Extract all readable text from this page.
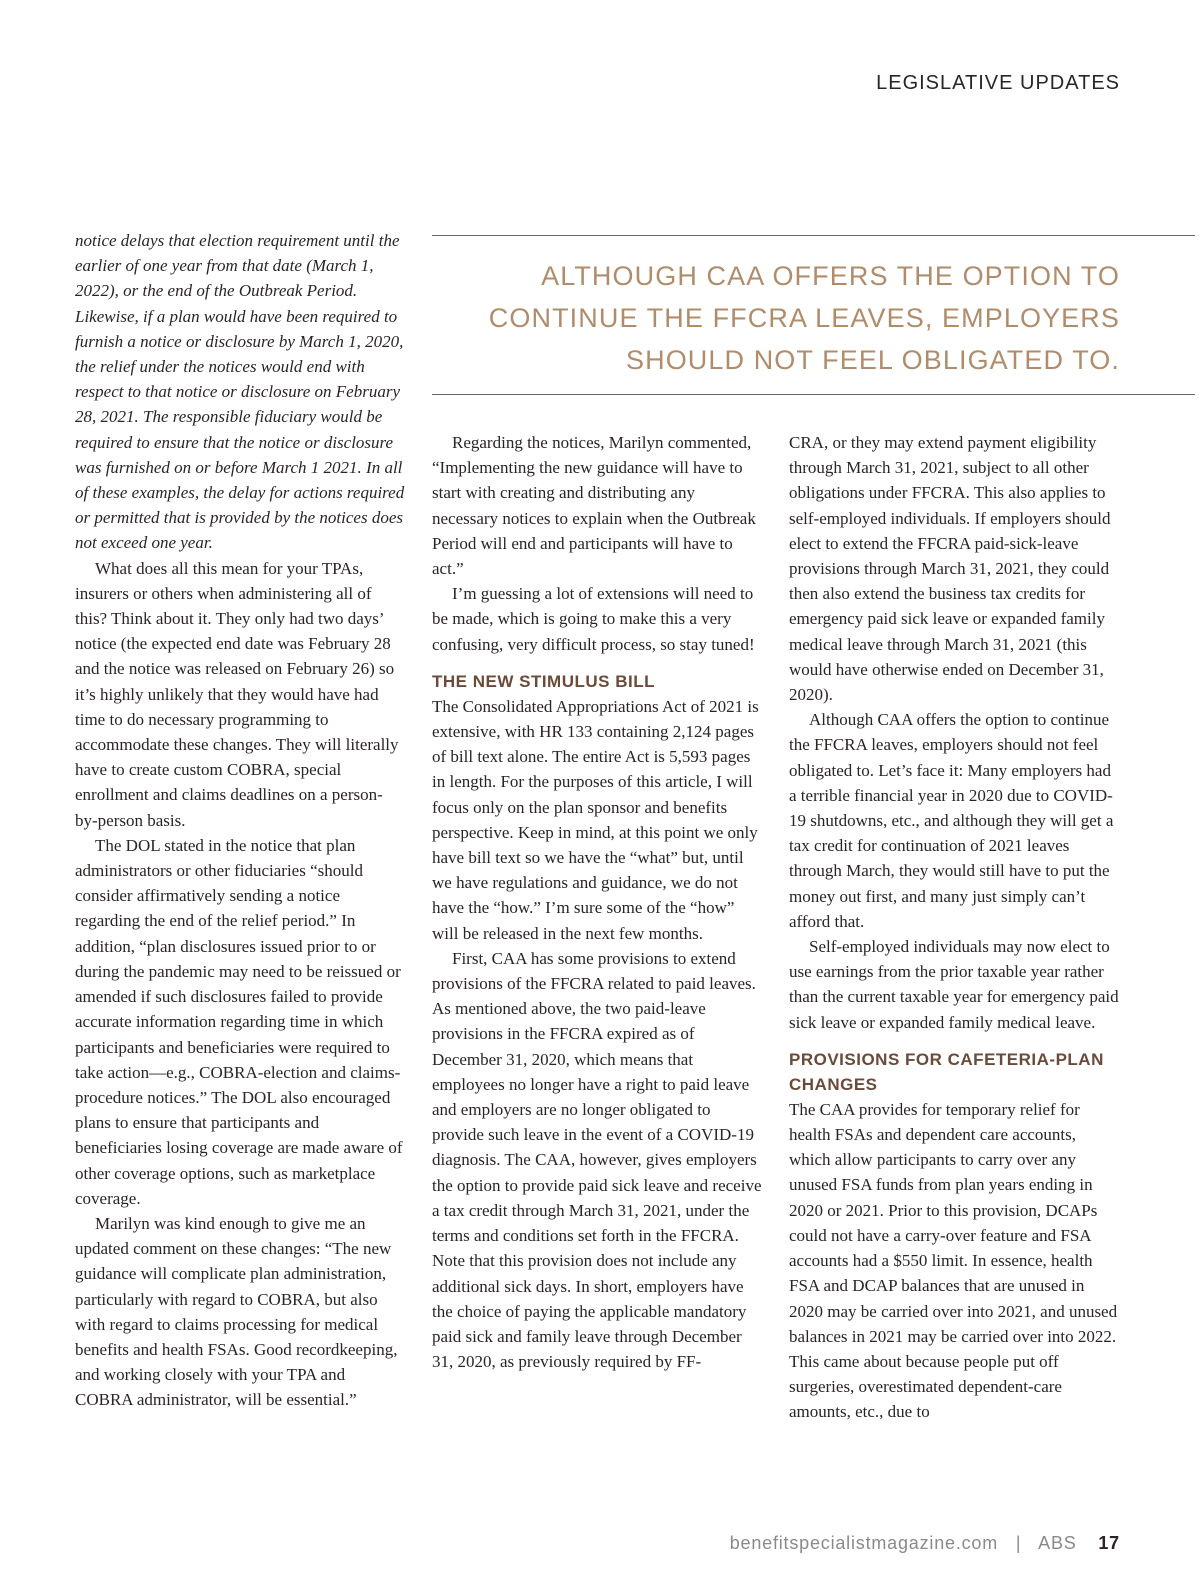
LEGISLATIVE UPDATES
ALTHOUGH CAA OFFERS THE OPTION TO CONTINUE THE FFCRA LEAVES, EMPLOYERS SHOULD NOT FEEL OBLIGATED TO.

notice delays that election requirement until the earlier of one year from that date (March 1, 2022), or the end of the Outbreak Period. Likewise, if a plan would have been required to furnish a notice or disclosure by March 1, 2020, the relief under the notices would end with respect to that notice or disclosure on February 28, 2021. The responsible fiduciary would be required to ensure that the notice or disclosure was furnished on or before March 1 2021. In all of these examples, the delay for actions required or permitted that is provided by the notices does not exceed one year.

What does all this mean for your TPAs, insurers or others when administering all of this? Think about it. They only had two days’ notice (the expected end date was February 28 and the notice was released on February 26) so it’s highly unlikely that they would have had time to do necessary programming to accommodate these changes. They will literally have to create custom COBRA, special enrollment and claims deadlines on a person-by-person basis.

The DOL stated in the notice that plan administrators or other fiduciaries “should consider affirmatively sending a notice regarding the end of the relief period.” In addition, “plan disclosures issued prior to or during the pandemic may need to be reissued or amended if such disclosures failed to provide accurate information regarding time in which participants and beneficiaries were required to take action—e.g., COBRA-election and claims-procedure notices.” The DOL also encouraged plans to ensure that participants and beneficiaries losing coverage are made aware of other coverage options, such as marketplace coverage.

Marilyn was kind enough to give me an updated comment on these changes: “The new guidance will complicate plan administration, particularly with regard to COBRA, but also with regard to claims processing for medical benefits and health FSAs. Good recordkeeping, and working closely with your TPA and COBRA administrator, will be essential.”

Regarding the notices, Marilyn commented, “Implementing the new guidance will have to start with creating and distributing any necessary notices to explain when the Outbreak Period will end and participants will have to act.”

I’m guessing a lot of extensions will need to be made, which is going to make this a very confusing, very difficult process, so stay tuned!

THE NEW STIMULUS BILL

The Consolidated Appropriations Act of 2021 is extensive, with HR 133 containing 2,124 pages of bill text alone. The entire Act is 5,593 pages in length. For the purposes of this article, I will focus only on the plan sponsor and benefits perspective. Keep in mind, at this point we only have bill text so we have the “what” but, until we have regulations and guidance, we do not have the “how.” I’m sure some of the “how” will be released in the next few months.

First, CAA has some provisions to extend provisions of the FFCRA related to paid leaves. As mentioned above, the two paid-leave provisions in the FFCRA expired as of December 31, 2020, which means that employees no longer have a right to paid leave and employers are no longer obligated to provide such leave in the event of a COVID-19 diagnosis. The CAA, however, gives employers the option to provide paid sick leave and receive a tax credit through March 31, 2021, under the terms and conditions set forth in the FFCRA. Note that this provision does not include any additional sick days. In short, employers have the choice of paying the applicable mandatory paid sick and family leave through December 31, 2020, as previously required by FF-

CRA, or they may extend payment eligibility through March 31, 2021, subject to all other obligations under FFCRA. This also applies to self-employed individuals. If employers should elect to extend the FFCRA paid-sick-leave provisions through March 31, 2021, they could then also extend the business tax credits for emergency paid sick leave or expanded family medical leave through March 31, 2021 (this would have otherwise ended on December 31, 2020).

Although CAA offers the option to continue the FFCRA leaves, employers should not feel obligated to. Let’s face it: Many employers had a terrible financial year in 2020 due to COVID-19 shutdowns, etc., and although they will get a tax credit for continuation of 2021 leaves through March, they would still have to put the money out first, and many just simply can’t afford that.

Self-employed individuals may now elect to use earnings from the prior taxable year rather than the current taxable year for emergency paid sick leave or expanded family medical leave.

PROVISIONS FOR CAFETERIA-PLAN CHANGES

The CAA provides for temporary relief for health FSAs and dependent care accounts, which allow participants to carry over any unused FSA funds from plan years ending in 2020 or 2021. Prior to this provision, DCAPs could not have a carry-over feature and FSA accounts had a $550 limit. In essence, health FSA and DCAP balances that are unused in 2020 may be carried over into 2021, and unused balances in 2021 may be carried over into 2022. This came about because people put off surgeries, overestimated dependent-care amounts, etc., due to

benefitspecialistmagazine.com | ABS 17
